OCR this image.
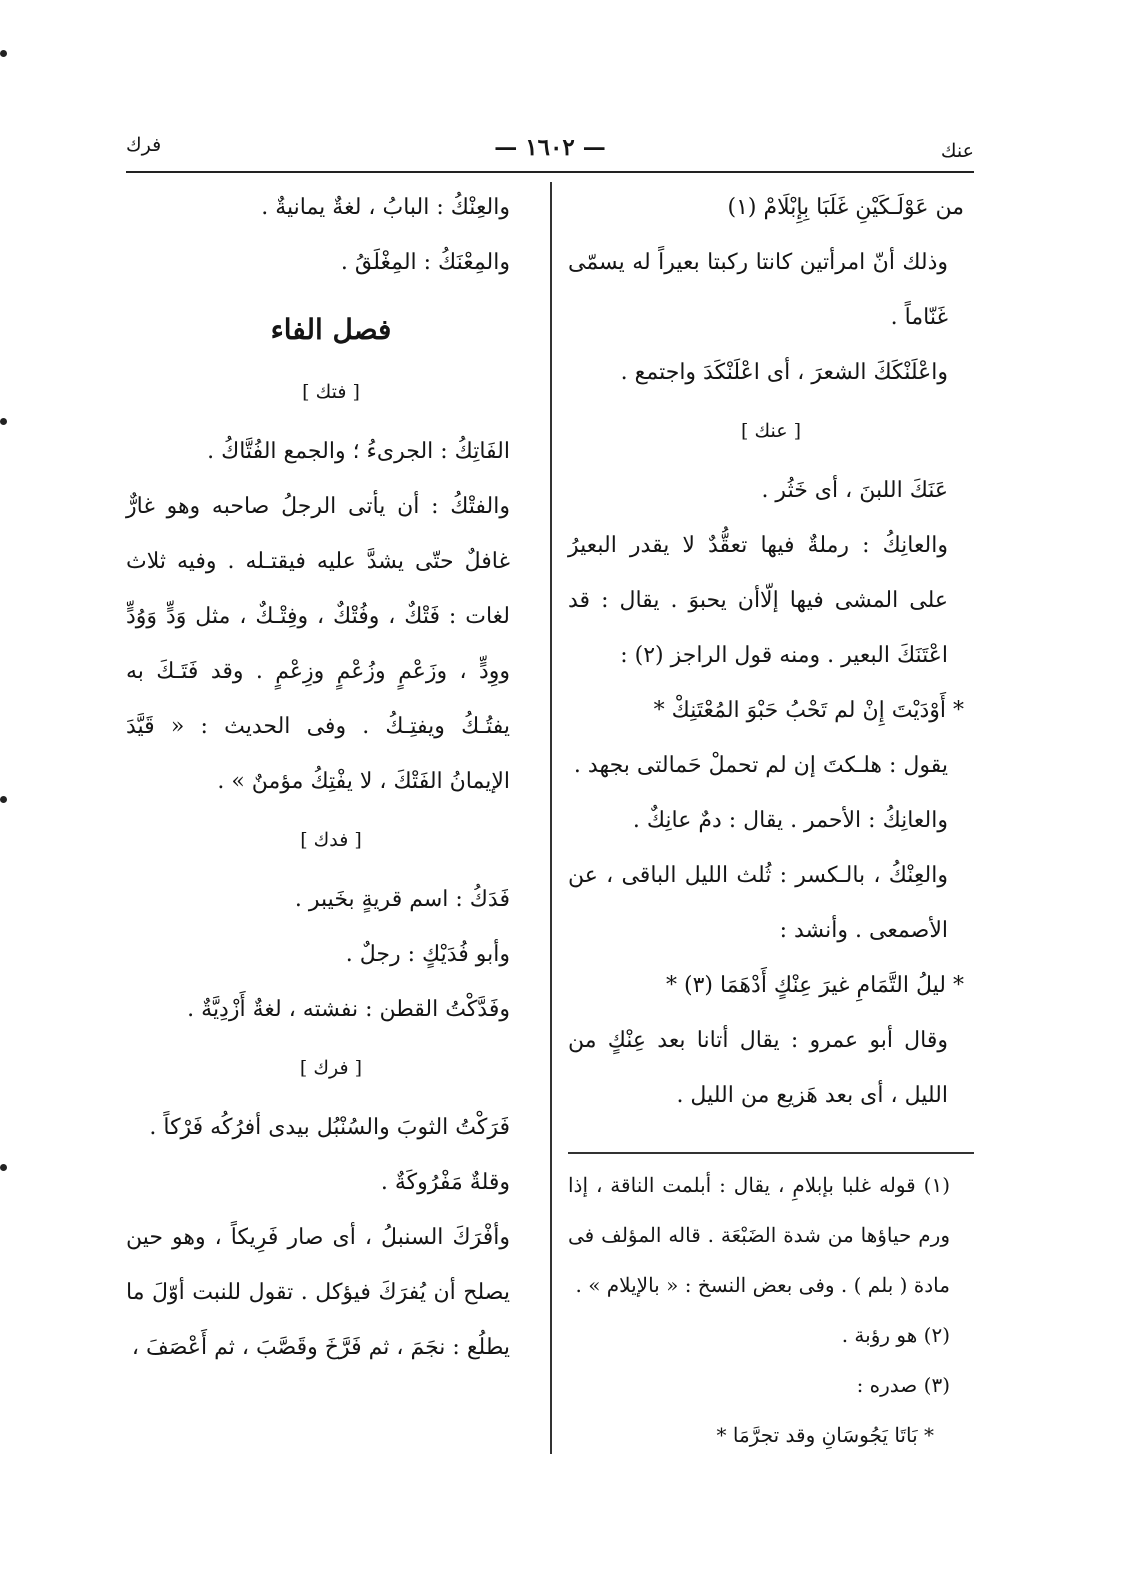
عنك
— ١٦٠٢ —
فرك

من عَوْلَـكَيْنِ غَلَبَا بِإِبْلَامْ (١)

وذلك أنّ امرأتين كانتا ركبتا بعيراً له يسمّى غَنّاماً .

واعْلَنْكَكَ الشعرَ ، أى اعْلَنْكَدَ واجتمع .

[ عنك ]

عَنَكَ اللبنَ ، أى خَثُر .

والعانِكُ : رملةٌ فيها تعقُّدٌ لا يقدر البعيرُ على المشى فيها إلّاأن يحبوَ . يقال : قد اعْتَنَكَ البعير . ومنه قول الراجز (٢) :

* أَوْدَيْتَ إِنْ لم تَحْبُ حَبْوَ المُعْتَنِكْ *

يقول : هلـكتَ إن لم تحملْ حَمالتى بجهد .

والعانِكُ : الأحمر . يقال : دمٌ عانِكٌ .

والعِنْكُ ، بالـكسر : ثُلث الليل الباقى ، عن الأصمعى . وأنشد :

* ليلُ التَّمَامِ غيرَ عِنْكٍ أَدْهَمَا (٣) *

وقال أبو عمرو : يقال أتانا بعد عِنْكٍ من الليل ، أى بعد هَزيع من الليل .

والعِنْكُ : البابُ ، لغةٌ يمانيةٌ .

والمِعْنَكُ : المِغْلَقُ .

فصل الفاء

[ فتك ]

الفَاتِكُ : الجرىءُ ؛ والجمع الفُتَّاكُ .

والفتْكُ : أن يأتى الرجلُ صاحبه وهو غارٌّ غافلٌ حتّى يشدَّ عليه فيقتـله . وفيه ثلاث لغات : فَتْكٌ ، وفُتْكٌ ، وفِتْـكٌ ، مثل وَدٍّ وَوُدٍّ ووِدٍّ ، وزَعْمٍ وزُعْمٍ وزِعْمٍ . وقد فَتَـكَ به يفتُـكُ ويفتِـكُ . وفى الحديث : « قَيَّدَ الإيمانُ الفَتْكَ ، لا يفْتِكُ مؤمنٌ » .

[ فدك ]

فَدَكُ : اسم قريةٍ بخَيبر .

وأبو فُدَيْكٍ : رجلٌ .

وفَدَّكْتُ القطن : نفشته ، لغةٌ أَزْدِيَّةٌ .

[ فرك ]

فَرَكْتُ الثوبَ والسُنْبُل بيدى أفرُكُه فَرْكاً .

وقلةٌ مَفْرُوكَةٌ .

وأفْرَكَ السنبلُ ، أى صار فَرِيكاً ، وهو حين يصلح أن يُفرَكَ فيؤكل . تقول للنبت أوّلَ ما يطلُع : نجَمَ ، ثم فَرَّخَ وقَصَّبَ ، ثم أَعْصَفَ ،

(١) قوله غلبا بإبلامِ ، يقال : أبلمت الناقة ، إذا ورم حياؤها من شدة الضَبْعَة . قاله المؤلف فى مادة ( بلم ) . وفى بعض النسخ : « بالإيلام » .

(٢) هو رؤبة .

(٣) صدره :

* بَاتَا يَجُوسَانِ وقد تجرَّمَا *
